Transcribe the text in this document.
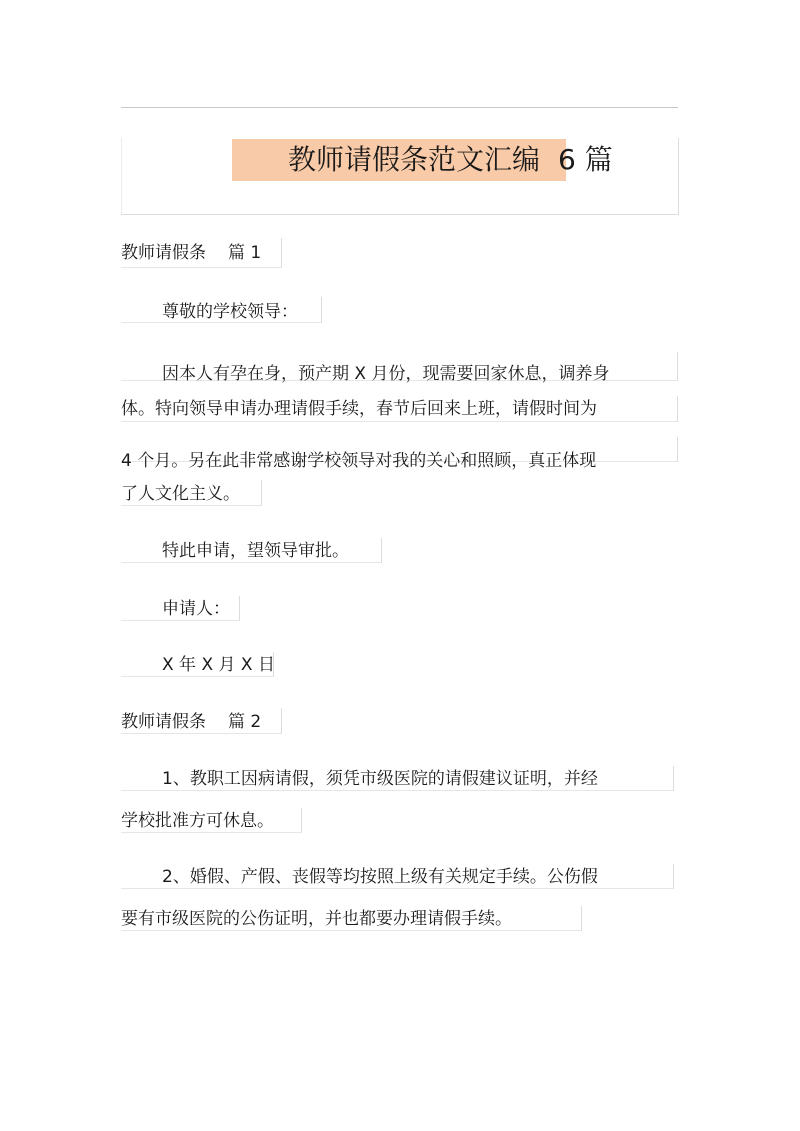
教师请假条范文汇编 6 篇
教师请假条 篇 1
尊敬的学校领导：
因本人有孕在身，预产期 X 月份，现需要回家休息，调养身
体。特向领导申请办理请假手续，春节后回来上班，请假时间为
4 个月。另在此非常感谢学校领导对我的关心和照顾，真正体现
了人文化主义。
特此申请，望领导审批。
申请人：
X 年 X 月 X 日
教师请假条 篇 2
1、教职工因病请假，须凭市级医院的请假建议证明，并经
学校批准方可休息。
2、婚假、产假、丧假等均按照上级有关规定手续。公伤假
要有市级医院的公伤证明，并也都要办理请假手续。
